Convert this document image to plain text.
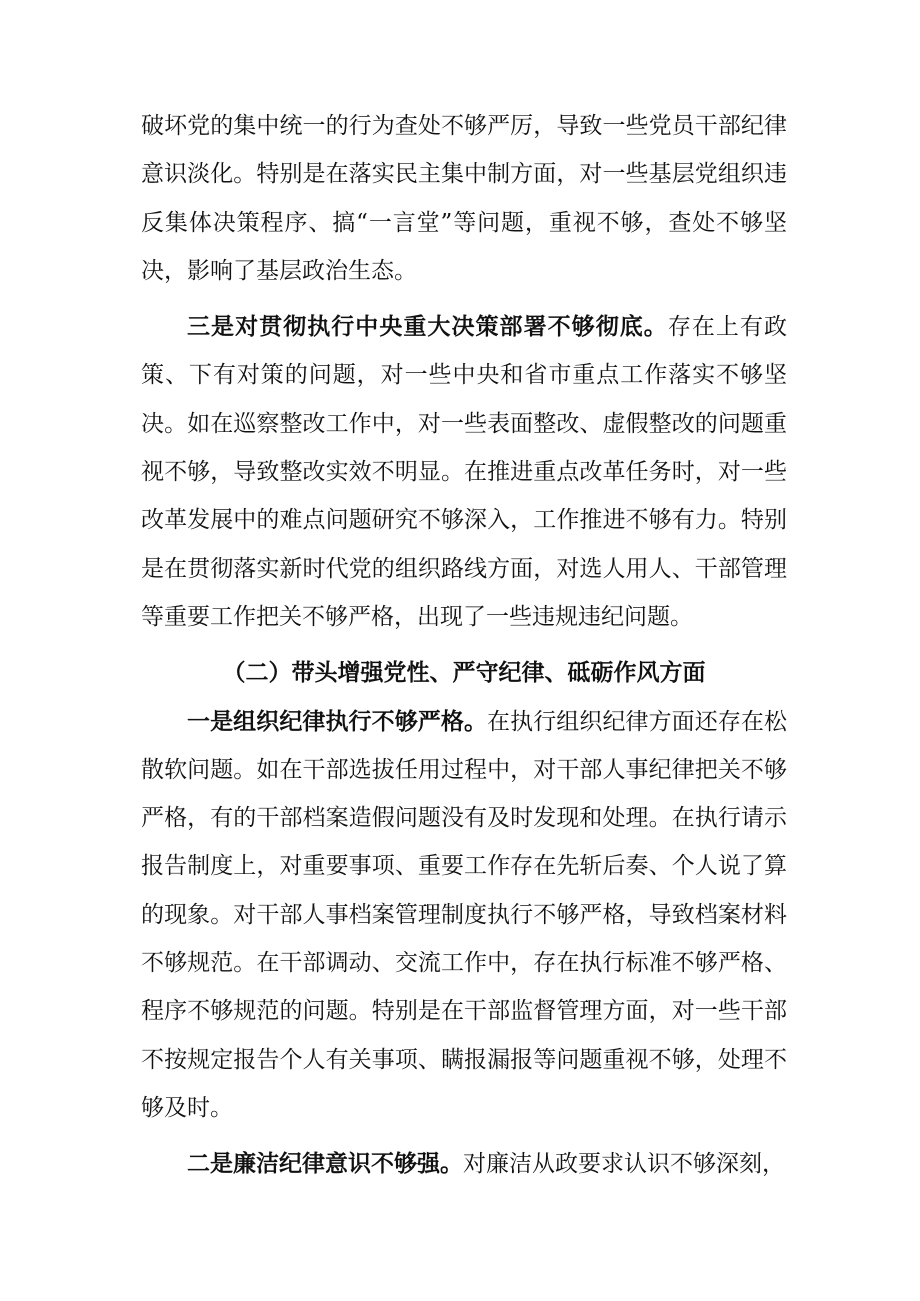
破坏党的集中统一的行为查处不够严厉，导致一些党员干部纪律意识淡化。特别是在落实民主集中制方面，对一些基层党组织违反集体决策程序、搞“一言堂”等问题，重视不够，查处不够坚决，影响了基层政治生态。

三是对贯彻执行中央重大决策部署不够彻底。存在上有政策、下有对策的问题，对一些中央和省市重点工作落实不够坚决。如在巡察整改工作中，对一些表面整改、虚假整改的问题重视不够，导致整改实效不明显。在推进重点改革任务时，对一些改革发展中的难点问题研究不够深入，工作推进不够有力。特别是在贯彻落实新时代党的组织路线方面，对选人用人、干部管理等重要工作把关不够严格，出现了一些违规违纪问题。

（二）带头增强党性、严守纪律、砥砺作风方面

一是组织纪律执行不够严格。在执行组织纪律方面还存在松散软问题。如在干部选拔任用过程中，对干部人事纪律把关不够严格，有的干部档案造假问题没有及时发现和处理。在执行请示报告制度上，对重要事项、重要工作存在先斩后奏、个人说了算的现象。对干部人事档案管理制度执行不够严格，导致档案材料不够规范。在干部调动、交流工作中，存在执行标准不够严格、程序不够规范的问题。特别是在干部监督管理方面，对一些干部不按规定报告个人有关事项、瞒报漏报等问题重视不够，处理不够及时。

二是廉洁纪律意识不够强。对廉洁从政要求认识不够深刻，
